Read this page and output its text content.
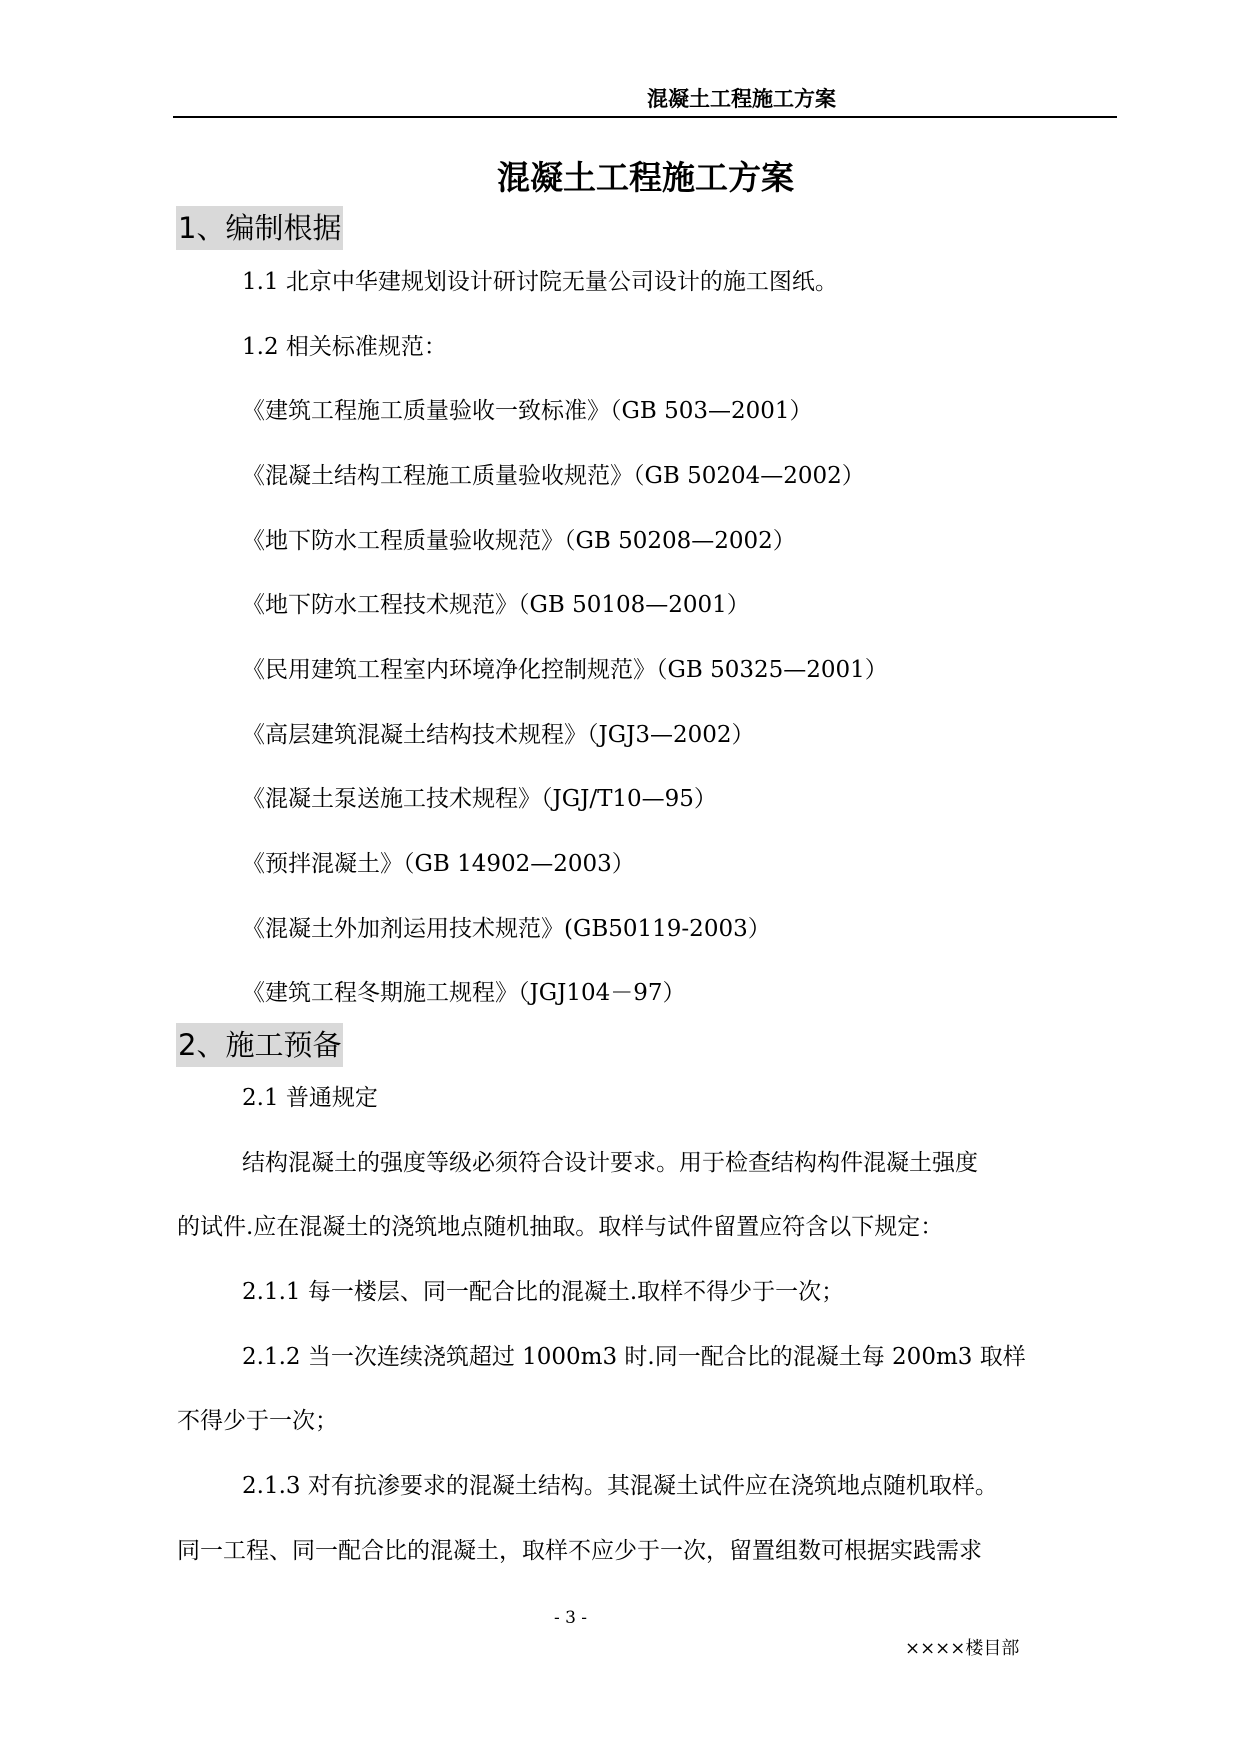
混凝土工程施工方案
混凝土工程施工方案
1、编制根据
1.1 北京中华建规划设计研讨院无量公司设计的施工图纸。
1.2 相关标准规范：
《建筑工程施工质量验收一致标准》（GB 503—2001）
《混凝土结构工程施工质量验收规范》（GB 50204—2002）
《地下防水工程质量验收规范》（GB 50208—2002）
《地下防水工程技术规范》（GB 50108—2001）
《民用建筑工程室内环境净化控制规范》（GB 50325—2001）
《高层建筑混凝土结构技术规程》（JGJ3—2002）
《混凝土泵送施工技术规程》（JGJ/T10—95）
《预拌混凝土》（GB 14902—2003）
《混凝土外加剂运用技术规范》(GB50119-2003）
《建筑工程冬期施工规程》（JGJ104－97）
2、施工预备
2.1 普通规定
结构混凝土的强度等级必须符合设计要求。用于检查结构构件混凝土强度
的试件.应在混凝土的浇筑地点随机抽取。取样与试件留置应符含以下规定：
2.1.1 每一楼层、同一配合比的混凝土.取样不得少于一次；
2.1.2 当一次连续浇筑超过 1000m3 时.同一配合比的混凝土每 200m3 取样
不得少于一次；
2.1.3 对有抗渗要求的混凝土结构。其混凝土试件应在浇筑地点随机取样。
同一工程、同一配合比的混凝土，取样不应少于一次，留置组数可根据实践需求
- 3 -
××××楼目部
